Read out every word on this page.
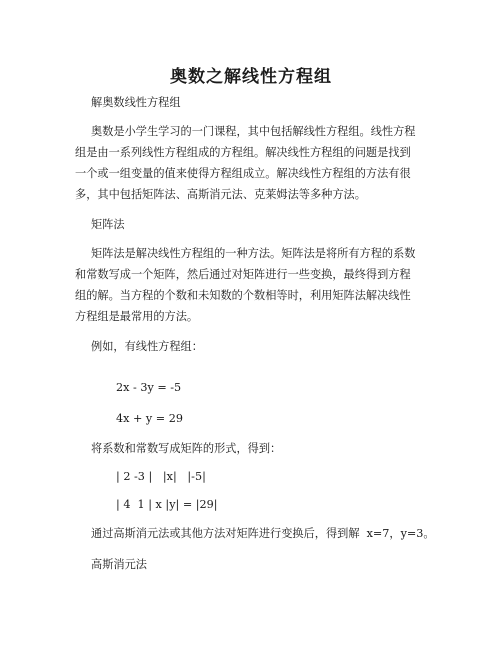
奥数之解线性方程组
解奥数线性方程组
奥数是小学生学习的一门课程，其中包括解线性方程组。线性方程
组是由一系列线性方程组成的方程组。解决线性方程组的问题是找到
一个或一组变量的值来使得方程组成立。解决线性方程组的方法有很
多，其中包括矩阵法、高斯消元法、克莱姆法等多种方法。
矩阵法
矩阵法是解决线性方程组的一种方法。矩阵法是将所有方程的系数
和常数写成一个矩阵，然后通过对矩阵进行一些变换，最终得到方程
组的解。当方程的个数和未知数的个数相等时，利用矩阵法解决线性
方程组是最常用的方法。
例如，有线性方程组：
2x - 3y = -5
4x + y = 29
将系数和常数写成矩阵的形式，得到：
| 2 -3 |   |x|   |-5|
| 4  1 | x |y| = |29|
通过高斯消元法或其他方法对矩阵进行变换后，得到解  x=7，y=3。
高斯消元法
